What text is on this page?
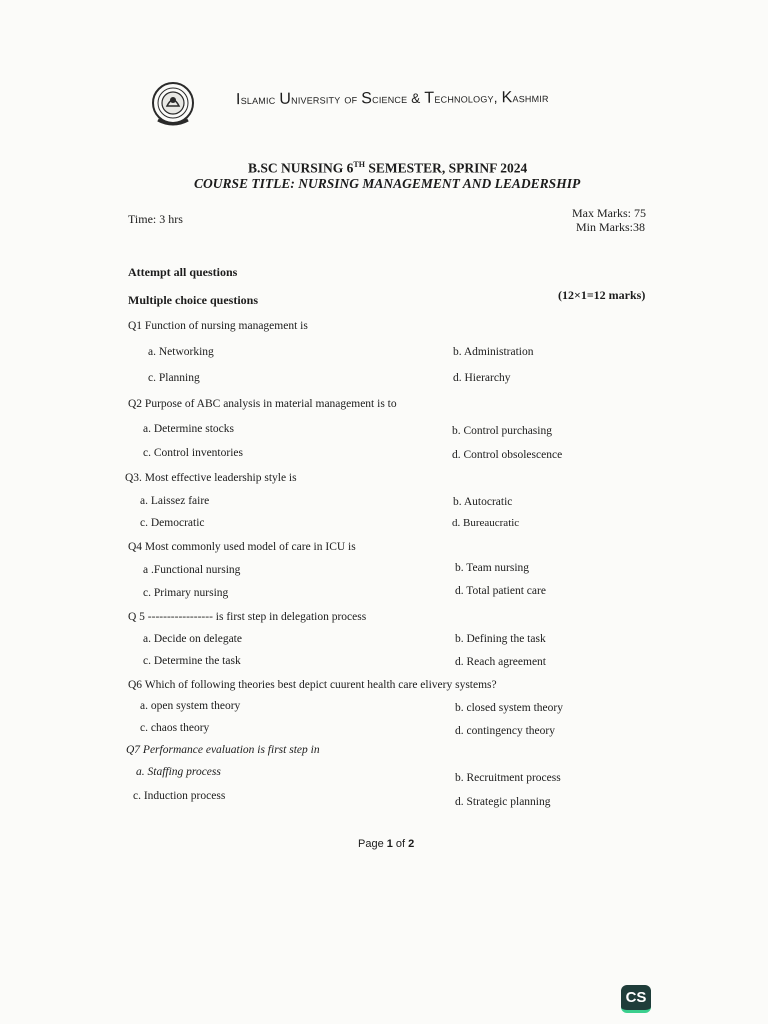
Islamic University of Science & Technology, Kashmir
B.SC NURSING 6TH SEMESTER, SPRINF 2024
COURSE TITLE: NURSING MANAGEMENT AND LEADERSHIP
Time: 3 hrs	Max Marks: 75
Min Marks:38
Attempt all questions
Multiple choice questions	(12×1=12 marks)
Q1 Function of nursing management is
a. Networking	b. Administration
c. Planning	d. Hierarchy
Q2 Purpose of ABC analysis in material management is to
a. Determine stocks	b. Control purchasing
c. Control inventories	d. Control obsolescence
Q3. Most effective leadership style is
a. Laissez faire	b. Autocratic
c. Democratic	d. Bureaucratic
Q4 Most commonly used model of care in ICU is
a .Functional nursing	b. Team nursing
c. Primary nursing	d. Total patient care
Q 5 ----------------- is first step in delegation process
a. Decide on delegate	b. Defining the task
c. Determine the task	d. Reach agreement
Q6 Which of following theories best depict cuurent health care elivery systems?
a. open system theory	b. closed system theory
c. chaos theory	d. contingency theory
Q7 Performance evaluation is first step in
a. Staffing process	b. Recruitment process
c. Induction process	d. Strategic planning
Page 1 of 2
CS
